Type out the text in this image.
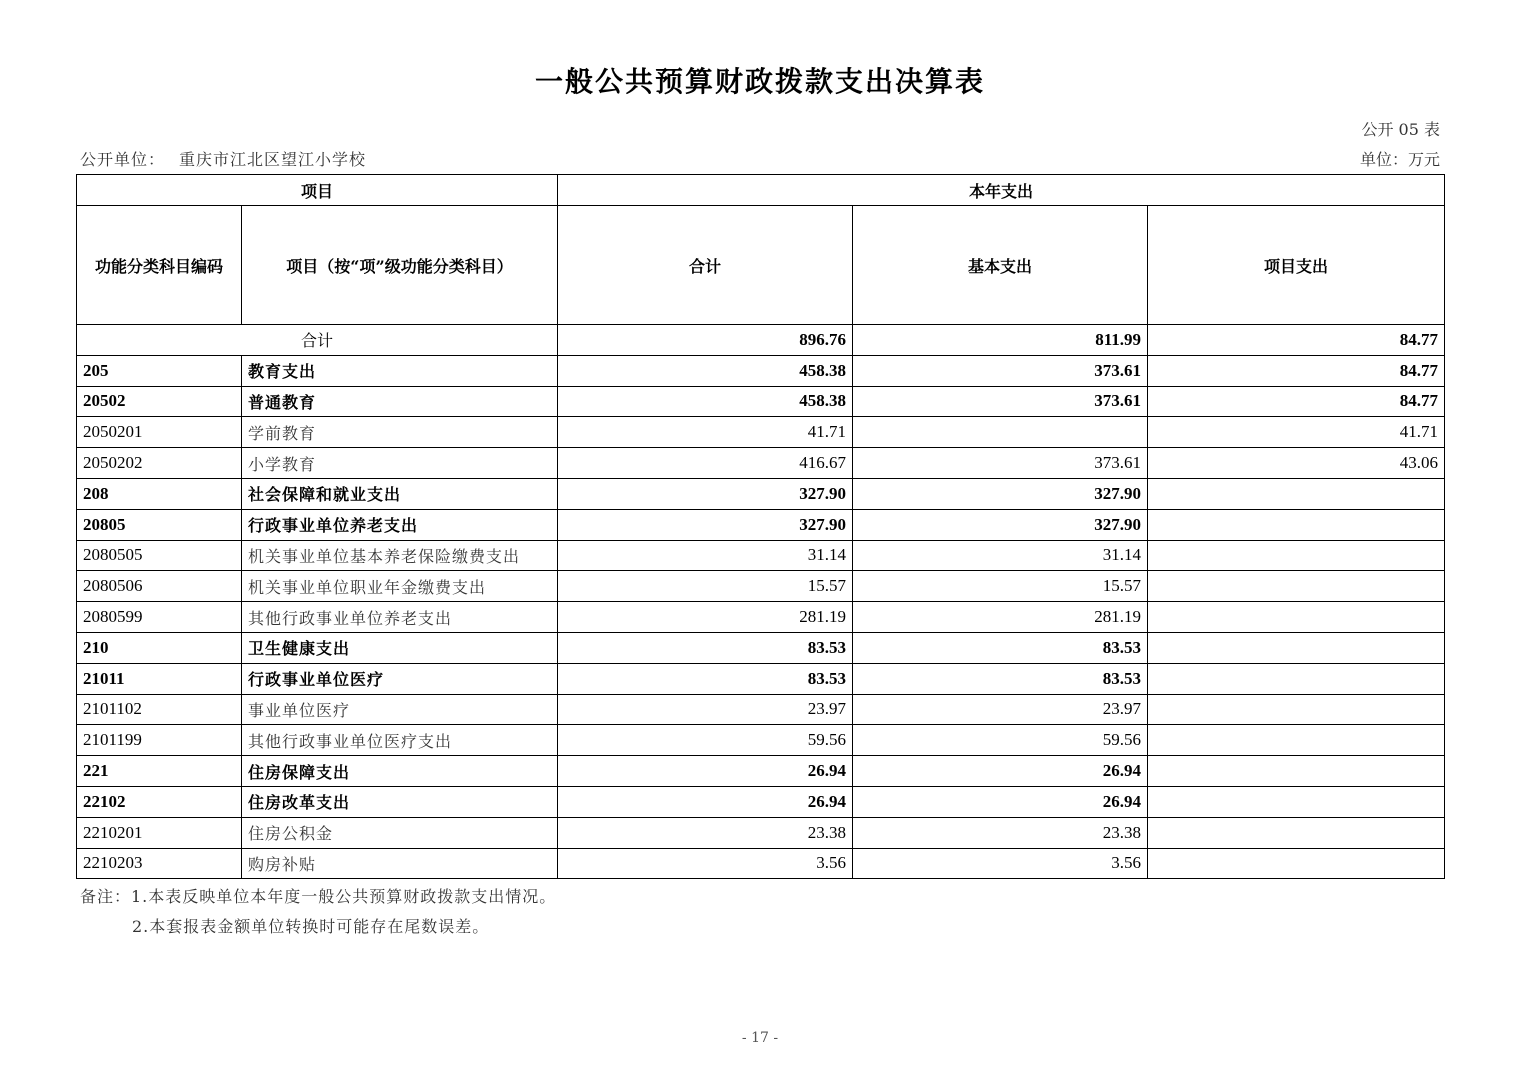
一般公共预算财政拨款支出决算表
公开 05 表
公开单位： 重庆市江北区望江小学校	单位：万元
项目		本年支出		
功能分类科目编码	项目（按“项”级功能分类科目）	合计	基本支出	项目支出
合计		896.76	811.99	84.77
205	教育支出	458.38	373.61	84.77
20502	普通教育	458.38	373.61	84.77
2050201	学前教育	41.71		41.71
2050202	小学教育	416.67	373.61	43.06
208	社会保障和就业支出	327.90	327.90	
20805	行政事业单位养老支出	327.90	327.90	
2080505	机关事业单位基本养老保险缴费支出	31.14	31.14	
2080506	机关事业单位职业年金缴费支出	15.57	15.57	
2080599	其他行政事业单位养老支出	281.19	281.19	
210	卫生健康支出	83.53	83.53	
21011	行政事业单位医疗	83.53	83.53	
2101102	事业单位医疗	23.97	23.97	
2101199	其他行政事业单位医疗支出	59.56	59.56	
221	住房保障支出	26.94	26.94	
22102	住房改革支出	26.94	26.94	
2210201	住房公积金	23.38	23.38	
2210203	购房补贴	3.56	3.56	
备注：1.本表反映单位本年度一般公共预算财政拨款支出情况。
2.本套报表金额单位转换时可能存在尾数误差。
- 17 -
